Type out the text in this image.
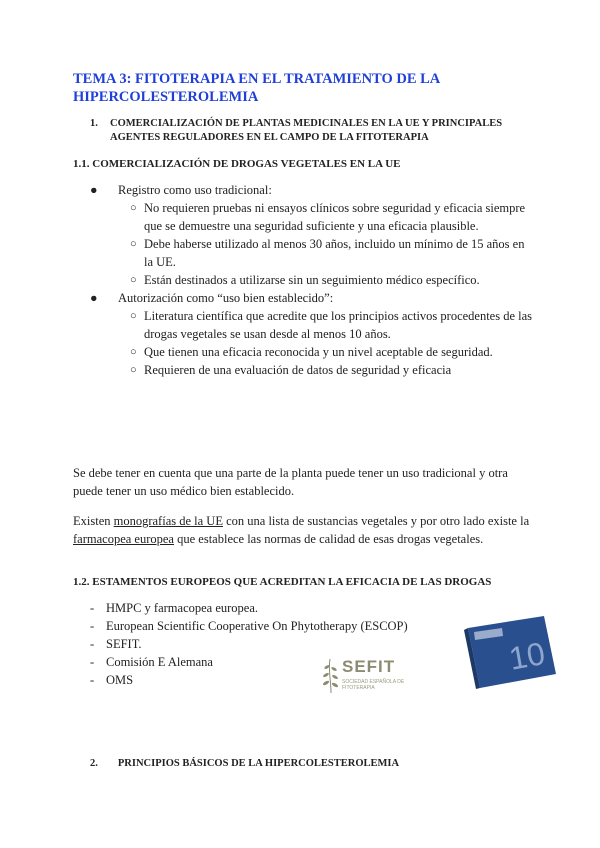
TEMA 3: FITOTERAPIA EN EL TRATAMIENTO DE LA HIPERCOLESTEROLEMIA
1. COMERCIALIZACIÓN DE PLANTAS MEDICINALES EN LA UE Y PRINCIPALES AGENTES REGULADORES EN EL CAMPO DE LA FITOTERAPIA
1.1. COMERCIALIZACIÓN DE DROGAS VEGETALES EN LA UE

● Registro como uso tradicional:

○ No requieren pruebas ni ensayos clínicos sobre seguridad y eficacia siempre que se demuestre una seguridad suficiente y una eficacia plausible.

○ Debe haberse utilizado al menos 30 años, incluido un mínimo de 15 años en la UE.

○ Están destinados a utilizarse sin un seguimiento médico específico.

● Autorización como “uso bien establecido”:

○ Literatura científica que acredite que los principios activos procedentes de las drogas vegetales se usan desde al menos 10 años.

○ Que tienen una eficacia reconocida y un nivel aceptable de seguridad.

○ Requieren de una evaluación de datos de seguridad y eficacia

Se debe tener en cuenta que una parte de la planta puede tener un uso tradicional y otra puede tener un uso médico bien establecido.
Existen monografías de la UE con una lista de sustancias vegetales y por otro lado existe la farmacopea europea que establece las normas de calidad de esas drogas vegetales.
1.2. ESTAMENTOS EUROPEOS QUE ACREDITAN LA EFICACIA DE LAS DROGAS

- HMPC y farmacopea europea.

- European Scientific Cooperative On Phytotherapy (ESCOP)

- SEFIT.

- Comisión E Alemana

- OMS

SEFIT
SOCIEDAD ESPAÑOLA DE FITOTERAPIA
10
2. PRINCIPIOS BÁSICOS DE LA HIPERCOLESTEROLEMIA
